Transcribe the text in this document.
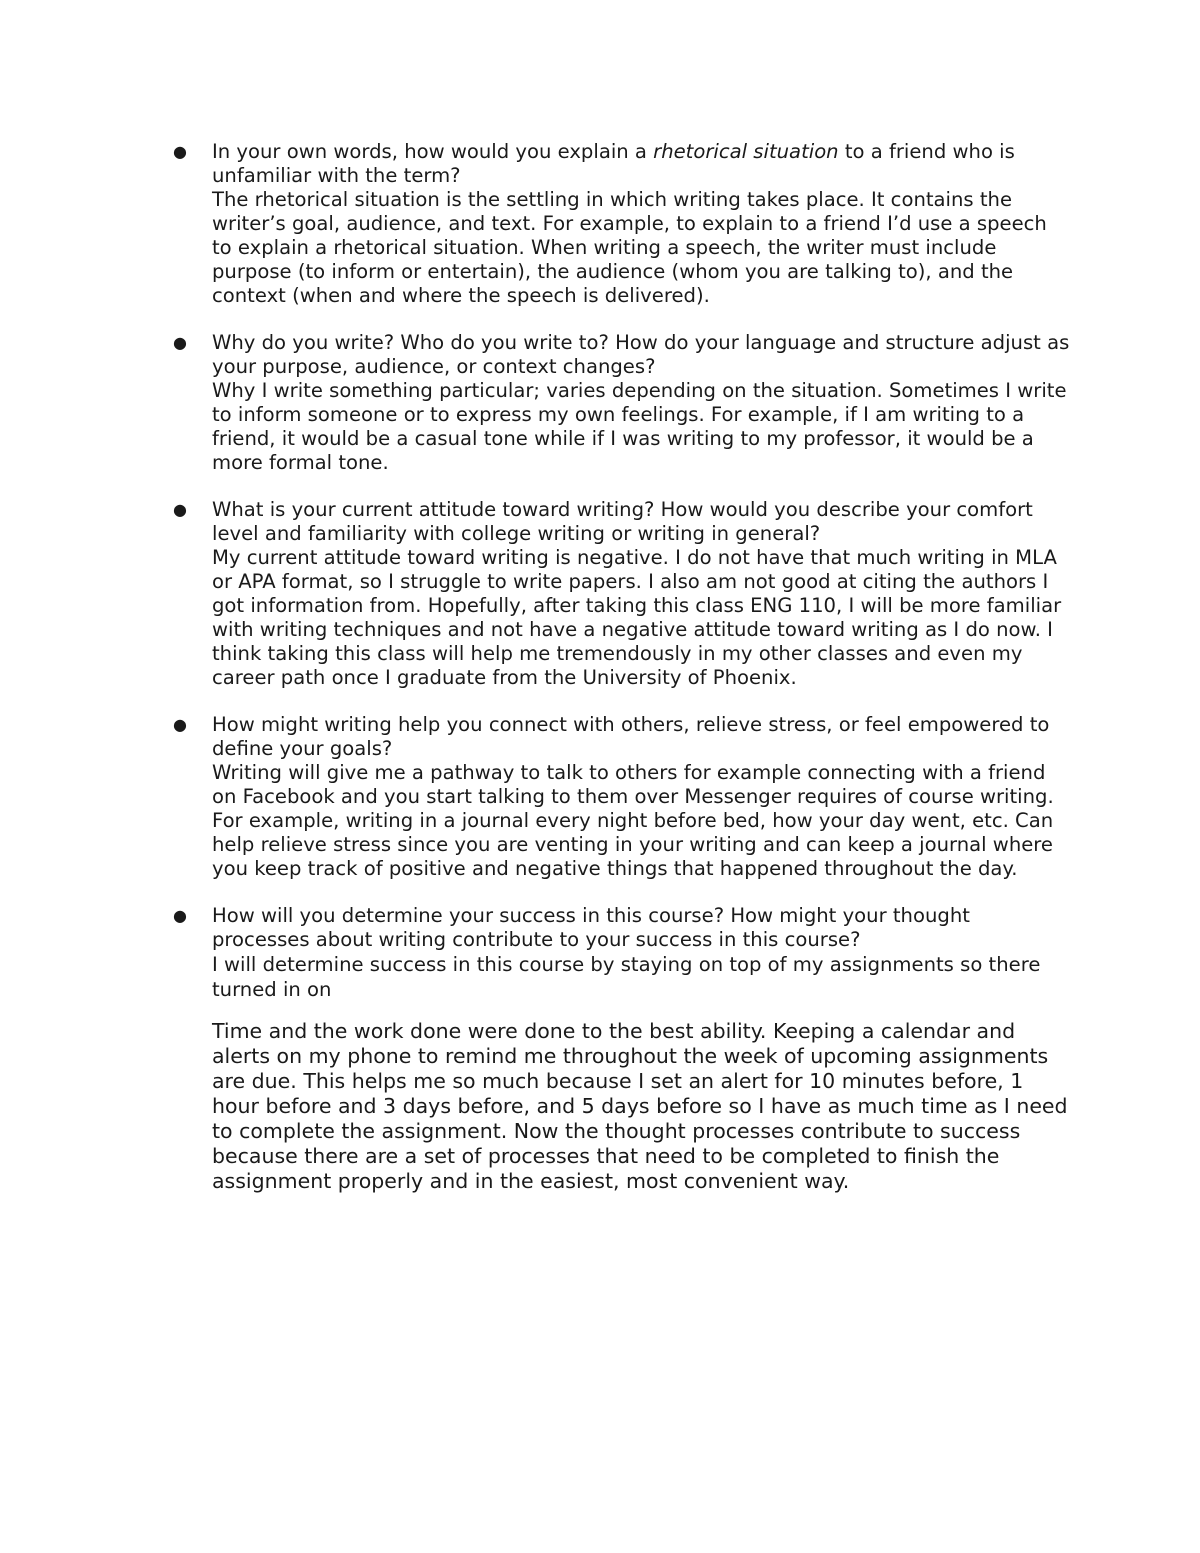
● In your own words, how would you explain a rhetorical situation to a friend who is unfamiliar with the term?
The rhetorical situation is the settling in which writing takes place. It contains the writer’s goal, audience, and text. For example, to explain to a friend I’d use a speech to explain a rhetorical situation. When writing a speech, the writer must include purpose (to inform or entertain), the audience (whom you are talking to), and the context (when and where the speech is delivered).
● Why do you write? Who do you write to? How do your language and structure adjust as your purpose, audience, or context changes?
Why I write something particular; varies depending on the situation. Sometimes I write to inform someone or to express my own feelings. For example, if I am writing to a friend, it would be a casual tone while if I was writing to my professor, it would be a more formal tone.
● What is your current attitude toward writing? How would you describe your comfort level and familiarity with college writing or writing in general?
My current attitude toward writing is negative. I do not have that much writing in MLA or APA format, so I struggle to write papers. I also am not good at citing the authors I got information from. Hopefully, after taking this class ENG 110, I will be more familiar with writing techniques and not have a negative attitude toward writing as I do now. I think taking this class will help me tremendously in my other classes and even my career path once I graduate from the University of Phoenix.
● How might writing help you connect with others, relieve stress, or feel empowered to define your goals?
Writing will give me a pathway to talk to others for example connecting with a friend on Facebook and you start talking to them over Messenger requires of course writing. For example, writing in a journal every night before bed, how your day went, etc. Can help relieve stress since you are venting in your writing and can keep a journal where you keep track of positive and negative things that happened throughout the day.
● How will you determine your success in this course? How might your thought processes about writing contribute to your success in this course?
I will determine success in this course by staying on top of my assignments so there turned in on
Time and the work done were done to the best ability. Keeping a calendar and alerts on my phone to remind me throughout the week of upcoming assignments are due. This helps me so much because I set an alert for 10 minutes before, 1 hour before and 3 days before, and 5 days before so I have as much time as I need to complete the assignment. Now the thought processes contribute to success because there are a set of processes that need to be completed to finish the assignment properly and in the easiest, most convenient way.
